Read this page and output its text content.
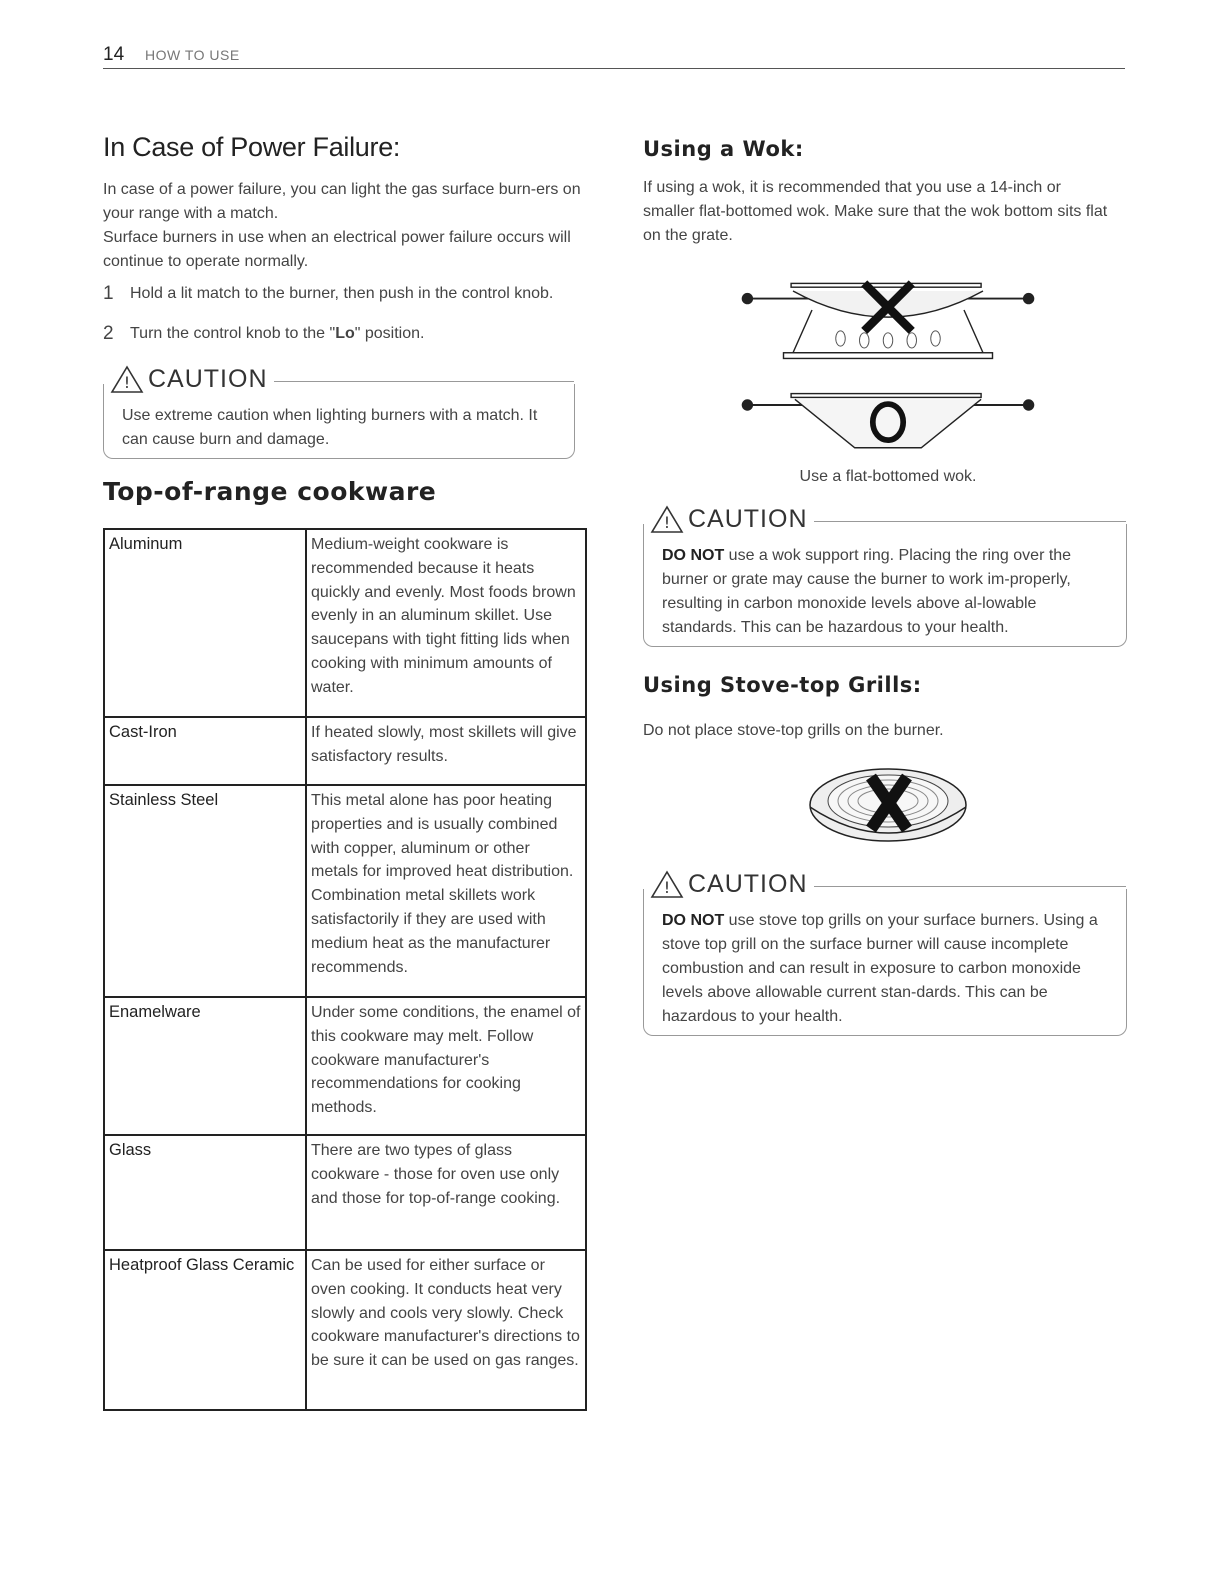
14 HOW TO USE
In Case of Power Failure:

In case of a power failure, you can light the gas surface burn-ers on your range with a match.

Surface burners in use when an electrical power failure occurs will continue to operate normally.

1	Hold a lit match to the burner, then push in the control knob.
2	Turn the control knob to the "Lo" position.
! CAUTION

Use extreme caution when lighting burners with a match. It can cause burn and damage.

Top-of-range cookware
Aluminum	Medium-weight cookware is recommended because it heats quickly and evenly. Most foods brown evenly in an aluminum skillet. Use saucepans with tight fitting lids when cooking with minimum amounts of water.
Cast-Iron	If heated slowly, most skillets will give satisfactory results.
Stainless Steel	This metal alone has poor heating properties and is usually combined with copper, aluminum or other metals for improved heat distribution. Combination metal skillets work satisfactorily if they are used with medium heat as the manufacturer recommends.
Enamelware	Under some conditions, the enamel of this cookware may melt. Follow cookware manufacturer's recommendations for cooking methods.
Glass	There are two types of glass cookware - those for oven use only and those for top-of-range cooking.
Heatproof Glass Ceramic	Can be used for either surface or oven cooking. It conducts heat very slowly and cools very slowly. Check cookware manufacturer's directions to be sure it can be used on gas ranges.
Using a Wok:

If using a wok, it is recommended that you use a 14-inch or smaller flat-bottomed wok. Make sure that the wok bottom sits flat on the grate.

Use a flat-bottomed wok.
! CAUTION

DO NOT use a wok support ring. Placing the ring over the burner or grate may cause the burner to work im-properly, resulting in carbon monoxide levels above al-lowable standards. This can be hazardous to your health.

Using Stove-top Grills:

Do not place stove-top grills on the burner.

! CAUTION

DO NOT use stove top grills on your surface burners. Using a stove top grill on the surface burner will cause incomplete combustion and can result in exposure to carbon monoxide levels above allowable current stan-dards. This can be hazardous to your health.
